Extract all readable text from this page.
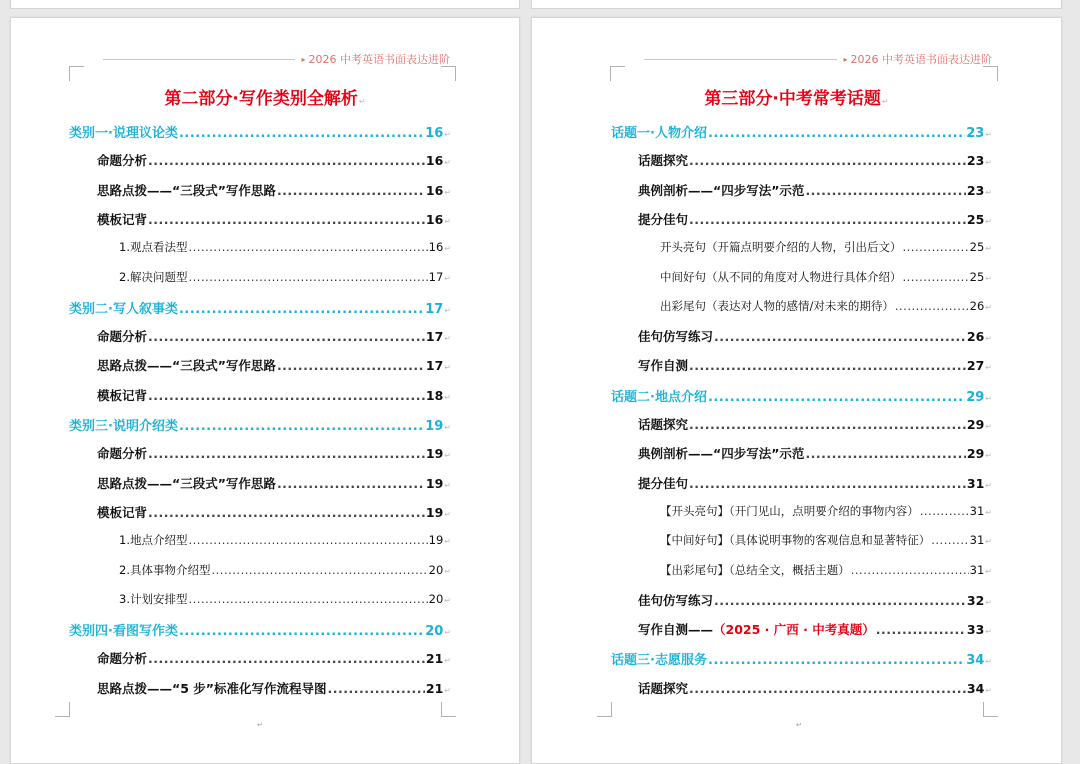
▸ 2026 中考英语书面表达进阶
第二部分·写作类别全解析↵
类别一·说理议论类 .....	16 ↵
命题分析 .....	16 ↵
思路点拨——“三段式”写作思路 .....	16 ↵
模板记背 .....	16 ↵
1.观点看法型 .....	16 ↵
2.解决问题型 .....	17 ↵
类别二·写人叙事类 .....	17 ↵
命题分析 .....	17 ↵
思路点拨——“三段式”写作思路 .....	17 ↵
模板记背 .....	18 ↵
类别三·说明介绍类 .....	19 ↵
命题分析 .....	19 ↵
思路点拨——“三段式”写作思路 .....	19 ↵
模板记背 .....	19 ↵
1.地点介绍型 .....	19 ↵
2.具体事物介绍型 .....	20 ↵
3.计划安排型 .....	20 ↵
类别四·看图写作类 .....	20 ↵
命题分析 .....	21 ↵
思路点拨——“5 步”标准化写作流程导图 .....	21 ↵
↵
▸ 2026 中考英语书面表达进阶
第三部分·中考常考话题↵
话题一·人物介绍 .....	23 ↵
话题探究 .....	23 ↵
典例剖析——“四步写法”示范 .....	23 ↵
提分佳句 .....	25 ↵
开头亮句（开篇点明要介绍的人物，引出后文） .....	25 ↵
中间好句（从不同的角度对人物进行具体介绍） .....	25 ↵
出彩尾句（表达对人物的感情/对未来的期待） .....	26 ↵
佳句仿写练习 .....	26 ↵
写作自测 .....	27 ↵
话题二·地点介绍 .....	29 ↵
话题探究 .....	29 ↵
典例剖析——“四步写法”示范 .....	29 ↵
提分佳句 .....	31 ↵
【开头亮句】（开门见山，点明要介绍的事物内容） .....	31 ↵
【中间好句】（具体说明事物的客观信息和显著特征） .....	31 ↵
【出彩尾句】（总结全文，概括主题） .....	31 ↵
佳句仿写练习 .....	32 ↵
写作自测—— （2025 · 广西 · 中考真题） .....	33 ↵
话题三·志愿服务 .....	34 ↵
话题探究 .....	34 ↵
↵
